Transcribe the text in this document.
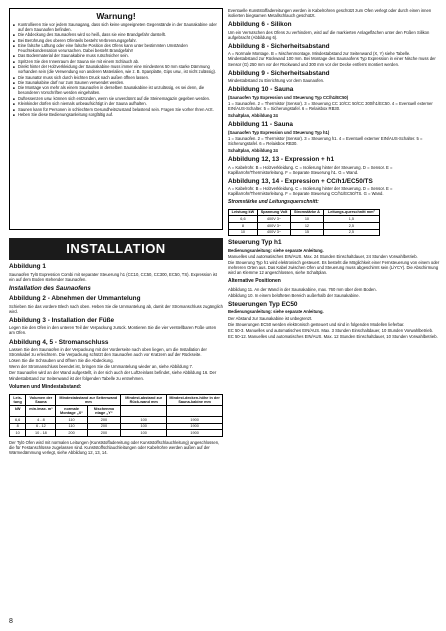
Warnung!
■ Kontrollieren Sie vor jedem Saunagang, dass sich keine ungeeigneten Gegenstände in der Saunakabine oder auf dem Saunaofen befinden.
■ Die Abdeckung des Saunaofens wird so heiß, dass sie eine Brandgefahr darstellt.
■ Bei Berührung des oberen Ofenteils besteht Verbrennungsgefahr.
■ Eine falsche Lüftung oder eine falsche Position des Ofens kann unter bestimmten Umständen Feuchtekondensation verursachen. Dabei besteht Brandgefahr!
■ Das Bodenmaterial der Saunakabine muss rutschsicher sein.
■ Spritzen Sie den Innenraum der Sauna nie mit einem Schlauch ab.
■ Direkt hinter der Holzverkleidung der Saunakabine muss immer eine mindestens 50 mm starke Dämmung vorhanden sein (die Verwendung von anderen Materialien, wie z. B. Spanplatte, Gips usw., ist nicht zulässig).
■ Die Saunatür muss sich durch leichten Druck nach außen öffnen lassen.
■ Die Saunakabine darf nur zum Saunen verwendet werden.
■ Die Montage von mehr als einem Saunaofen in derselben Saunakabine ist unzulässig, es sei denn, die besonderen Vorschriften werden eingehalten.
■ Duftessenzen usw. können sich entzünden, wenn sie unverdünnt auf die Steinemagazin gegeben werden.
■ Kleinkinder dürfen sich niemals unbeaufsichtigt in der Sauna aufhalten.
■ Saunen kann für Personen in schlechtem Gesundheitszustand belastend sein. Fragen Sie vorher Ihren Arzt.
■ Heben Sie diese Bedienungsanleitung sorgfältig auf.
INSTALLATION
Abbildung 1
Saunaofen Tylö Expression Combi mit separater Steuerung h1 (CC10, CC50, CC300, EC50, TS). Expression ist ein auf dem Boden stehender Saunaofen.
Installation des Saunaofens
Abbildung 2 - Abnehmen der Ummantelung
Schieben Sie das vordere Blech nach oben. Heben Sie die Ummantelung ab, damit der Stromanschluss zugänglich wird.
Abbildung 3 - Installation der Füße
Legen Sie den Ofen in den unteren Teil der Verpackung zurück. Montieren Sie die vier verstellbaren Füße unten am Ofen.
Abbildung 4, 5 - Stromanschluss
Lassen Sie den Saunaofen in der Verpackung mit der Vorderseite nach oben liegen, um die Installation der Stromkabel zu erleichtern. Die Verpackung schützt den Saunaofen auch vor Kratzern auf der Rückseite.
Lösen Sie die Schrauben und öffnen Sie die Abdeckung.
Wenn der Stromanschluss beendet ist, bringen Sie die Ummantelung wieder an, siehe Abbildung 7.
Der Saunaofen wird an der Wand aufgestellt, in der sich auch der Luftzeinlass befindet, siehe Abbildung 16. Der Mindestabstand zur Seitenwand ist der folgenden Tabelle zu entnehmen.
Volumen und Mindestabstand:
Leis-tung	Volumen der Sauna	Mindestabstand zur Seitenwand mm		Mindest-abstand zur Rück-wand mm	Mindest-decken-höhe in der Sauna-kabine mm
kW	min./max. m³	normale Montage „X“	Nischenmo ntage „Y“		
6,6	4 - 8	110	200	100	1900
8	6 - 12	110	200	100	1900
10	10 - 18	200	200	100	1900
Der Tylö Ofen wird mit normalen Leitungen (Kunststoffadereitung oder Kunststoffschlauchleitung) angeschlossen, die für Festanschlüsse zugelassen sind. Kunststoffschlauchleitungen oder Kabelrohre werden außen auf der Wärmedämmung verlegt, siehe Abbildung 12, 13, 14.
Eventuelle Kunststoffadereitungen werden in Kabelrohren geschützt zum Ofen verlegt oder durch einen innen isolierten biegsamen Metallschlauch geschützt.
Abbildung 6 - Silikon
Um ein Verrutschen des Ofens zu verhindern, wird auf die markierten Anlageflächen unter den Füßen Silikon aufgebracht (Abbildung 6).
Abbildung 8 - Sicherheitsabstand
A = Normale Montage. B = Nischenmontage. Mindestabstand zur Seitenwand (X, Y) siehe Tabelle. Mindestabstand zur Rückwand 100 mm. Bei Montage des Saunaofens Typ Expression in einer Nische muss der Sensor (G) 250 mm vor der Rückwand und 300 mm vor der Decke entfernt montiert werden.
Abbildung 9 - Sicherheitsabstand
Mindestabstand zu Einrichtung vor dem Saunaofen.
Abbildung 10 - Sauna
(Saunaofen Typ Expression und Steuerung Typ CC/h1/EC50)
1 = Saunaofen. 2 = Thermistor (Sensor). 3 = Steuerung CC 10/CC 50/CC 300/h1/EC50. 4 = Eventuell externer EIN/AUS-Schalter. 5 = Sicherungstafel. 6 = Relaisbox RB30.
Schaltplan, Abbildung 24
Abbildung 11 - Sauna
(Saunaofen Typ Expression und Steuerung Typ h1)
1 = Saunaofen. 2 = Thermistor (Sensor). 3 = Steuerung h1. 4 = Eventuell externer EIN/AUS-Schalter. 5 = Sicherungstafel. 6 = Relaisbox RB30.
Schaltplan, Abbildung 24
Abbildung 12, 13 - Expression + h1
A = Kabelrohr. B = Holzverkleidung. C = Isolierung hinter der Steuerung. D = Sensor. E = Kapillarrohr/Thermistorleitung. F = Separate Steuerung h1. G = Wand.
Abbildung 13, 14 - Expression + CC/h1/EC50/TS
A = Kabelrohr. B = Holzverkleidung. C = Isolierung hinter der Steuerung. D = Sensor. E = Kapillarrohr/Thermistorleitung. F = Separate Steuerung CC/h1/EC50/TS. G = Wand.
Stromstärke und Leitungsquerschnitt:
Leistung kW	Spannung Volt	Stromstärke A	Leitungs-querschnitt mm²
6,6	400V 3~	10	1,5
8	400V 3~	12	2,5
10	400V 3~	15	2,5
Steuerung Typ h1
Bedienungsanleitung: siehe separate Anleitung.
Manuelles und automatisches EIN/AUS. Max. 24 Stunden Einschaltdauer, 24 Stunden Vorwahlbetrieb.
Die Steuerung Typ h1 wird elektronisch gesteuert. Es besteht die Möglichkeit einer Fernsteuerung von einem oder mehreren Orten aus. Das Kabel zwischen Ofen und Steuerung muss abgeschirmt sein (LiYCY). Die Abschirmung wird an Klemme 12 angeschlossen, siehe Schaltplan.
Alternative Positionen
Abbildung 11. An der Wand in der Saunakabine, max. 760 mm über dem Boden.
Abbildung 10. In einem belüfteten Bereich außerhalb der Saunakabine.
Steuerungen Typ EC50
Bedienungsanleitung: siehe separate Anleitung.
Der Abstand zur Saunakabine ist unbegrenzt.
Die Steuerungen EC50 werden elektronisch gesteuert und sind in folgenden Modellen lieferbar.
EC 50-3. Manuelles und automatisches EIN/AUS. Max. 3 Stunden Einschaltdauer, 10 Stunden Vorwahlbetrieb.
EC 50-12. Manuelles und automatisches EIN/AUS. Max. 12 Stunden Einschaltdauer, 10 Stunden Vorwahlbetrieb.
8
